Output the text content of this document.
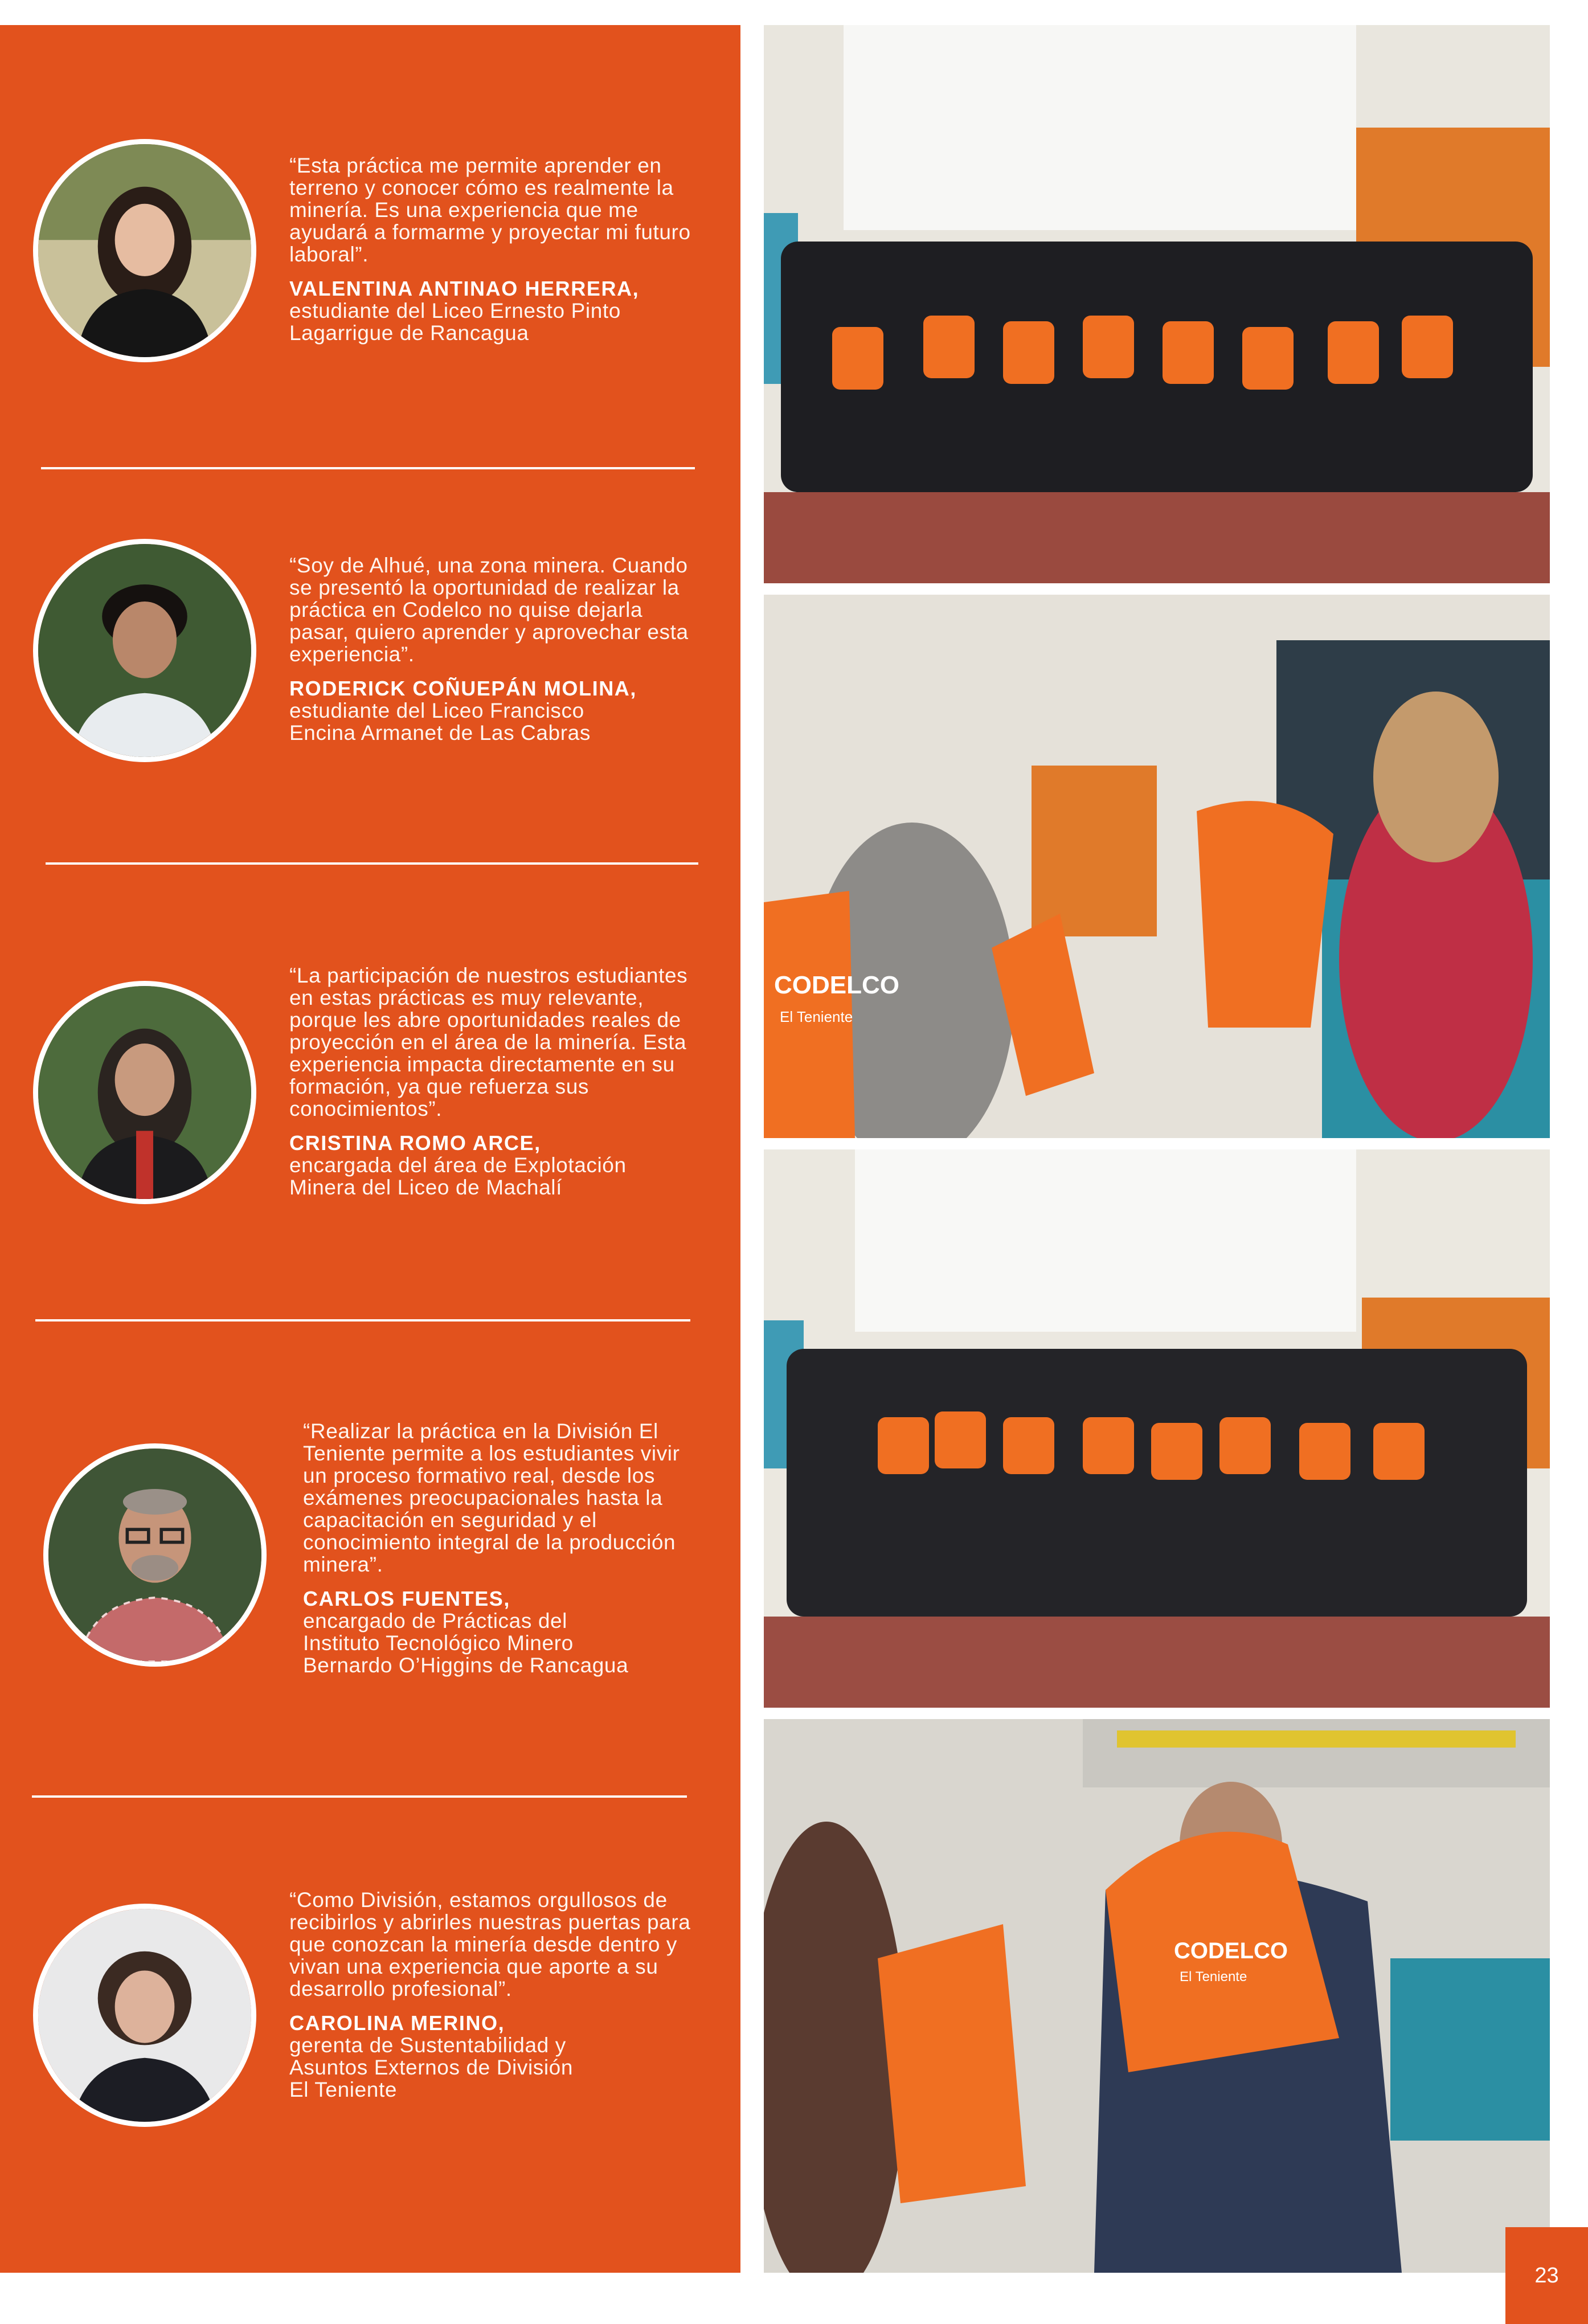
“Esta práctica me permite aprender en terreno y conocer cómo es realmente la minería. Es una experiencia que me ayudará a formarme y proyectar mi futuro laboral”.

VALENTINA ANTINAO HERRERA,

estudiante del Liceo Ernesto Pinto
Lagarrigue de Rancagua

“Soy de Alhué, una zona minera. Cuando se presentó la oportunidad de realizar la práctica en Codelco no quise dejarla pasar, quiero aprender y aprovechar esta experiencia”.

RODERICK COÑUEPÁN MOLINA,

estudiante del Liceo Francisco
Encina Armanet de Las Cabras

“La participación de nuestros estudiantes en estas prácticas es muy relevante, porque les abre oportunidades reales de proyección en el área de la minería. Esta experiencia impacta directamente en su formación, ya que refuerza sus conocimientos”.

CRISTINA ROMO ARCE,

encargada del área de Explotación
Minera del Liceo de Machalí

“Realizar la práctica en la División El Teniente permite a los estudiantes vivir un proceso formativo real, desde los exámenes preocupacionales hasta la capacitación en seguridad y el conocimiento integral de la producción minera”.

CARLOS FUENTES,

encargado de Prácticas del
Instituto Tecnológico Minero
Bernardo O’Higgins de Rancagua

“Como División, estamos orgullosos de recibirlos y abrirles nuestras puertas para que conozcan la minería desde dentro y vivan una experiencia que aporte a su desarrollo profesional”.

CAROLINA MERINO,

gerenta de Sustentabilidad y
Asuntos Externos de División
El Teniente

CODELCO
El Teniente
CODELCO
El Teniente
23
